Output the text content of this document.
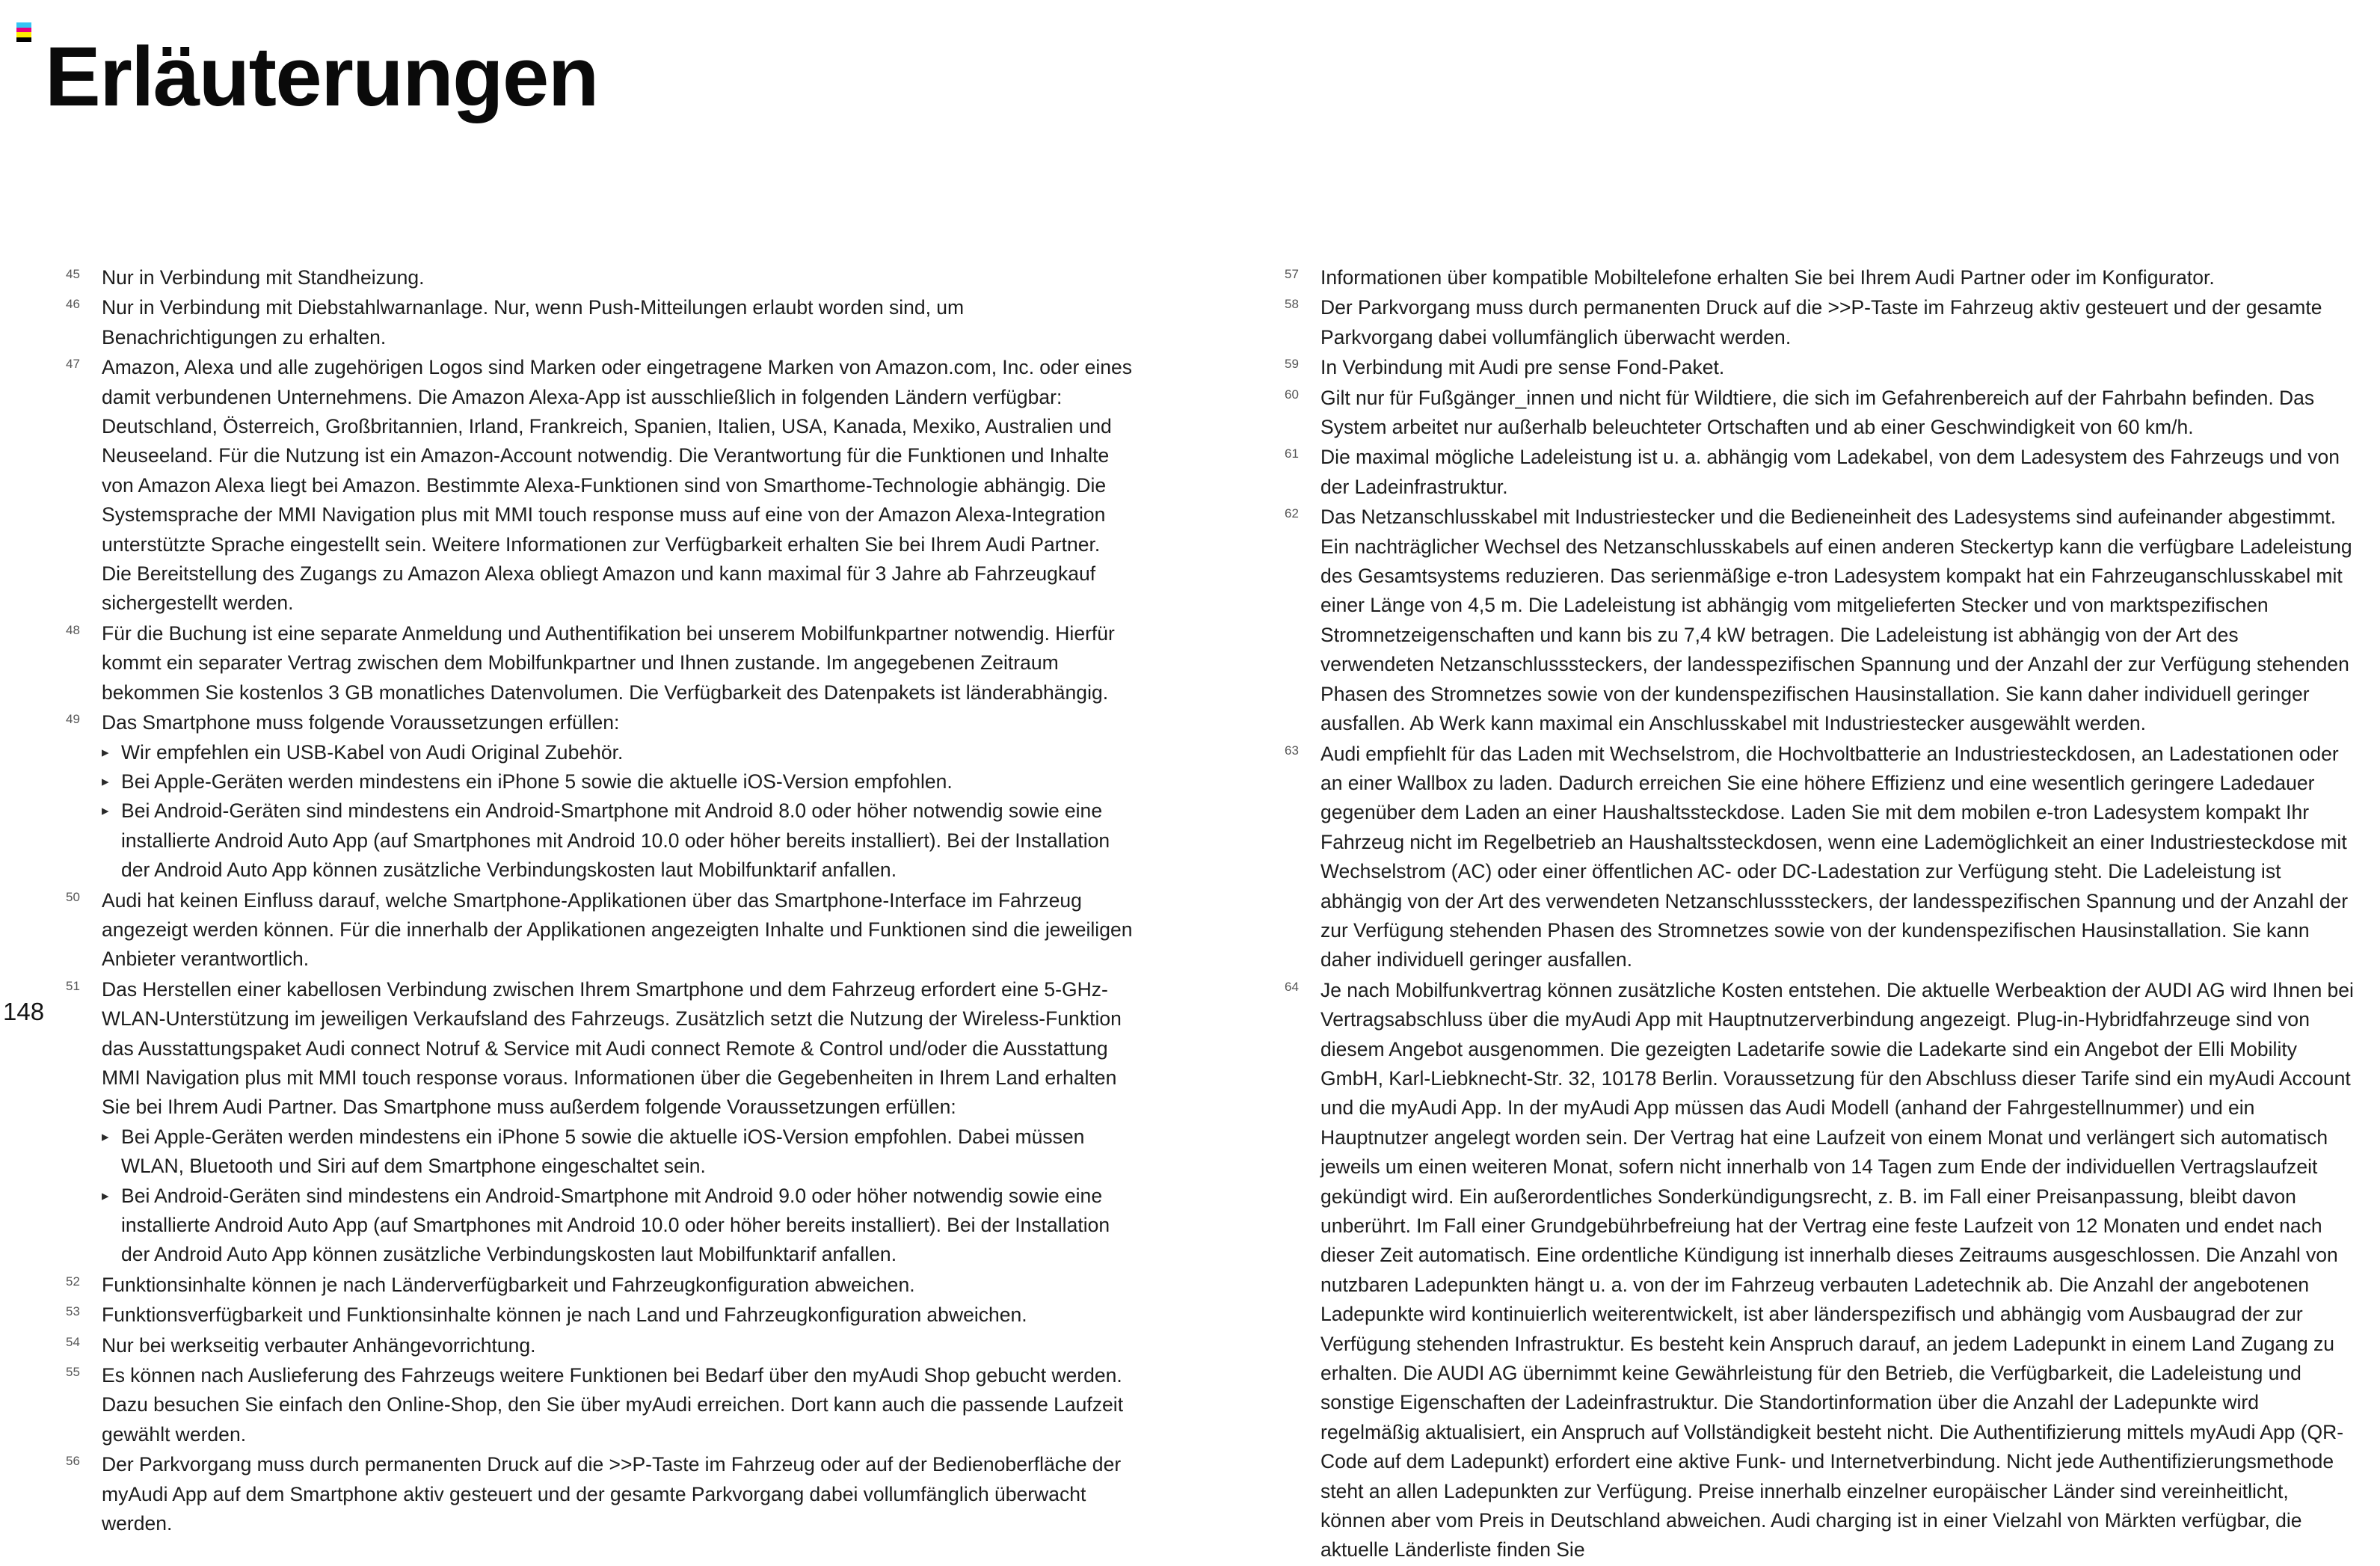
Erläuterungen
148
45	Nur in Verbindung mit Standheizung.
46	Nur in Verbindung mit Diebstahlwarnanlage. Nur, wenn Push-Mitteilungen erlaubt worden sind, um Benachrichtigungen zu erhalten.
47	Amazon, Alexa und alle zugehörigen Logos sind Marken oder eingetragene Marken von Amazon.com, Inc. oder eines damit verbundenen Unternehmens. Die Amazon Alexa-App ist ausschließlich in folgenden Ländern verfügbar: Deutschland, Österreich, Großbritannien, Irland, Frankreich, Spanien, Italien, USA, Kanada, Mexiko, Australien und Neuseeland. Für die Nutzung ist ein Amazon-Account notwendig. Die Verantwortung für die Funktionen und Inhalte von Amazon Alexa liegt bei Amazon. Bestimmte Alexa-Funktionen sind von Smarthome-Technologie abhängig. Die Systemsprache der MMI Navigation plus mit MMI touch response muss auf eine von der Amazon Alexa-Integration unterstützte Sprache eingestellt sein. Weitere Informationen zur Verfügbarkeit erhalten Sie bei Ihrem Audi Partner. Die Bereitstellung des Zugangs zu Amazon Alexa obliegt Amazon und kann maximal für 3 Jahre ab Fahrzeugkauf sichergestellt werden.
48	Für die Buchung ist eine separate Anmeldung und Authentifikation bei unserem Mobilfunkpartner notwendig. Hierfür kommt ein separater Vertrag zwischen dem Mobilfunkpartner und Ihnen zustande. Im angegebenen Zeitraum bekommen Sie kostenlos 3 GB monatliches Datenvolumen. Die Verfügbarkeit des Datenpakets ist länderabhängig.
49	Das Smartphone muss folgende Voraussetzungen erfüllen:
▸ Wir empfehlen ein USB-Kabel von Audi Original Zubehör.
▸ Bei Apple-Geräten werden mindestens ein iPhone 5 sowie die aktuelle iOS-Version empfohlen.
▸ Bei Android-Geräten sind mindestens ein Android-Smartphone mit Android 8.0 oder höher notwendig sowie eine installierte Android Auto App (auf Smartphones mit Android 10.0 oder höher bereits installiert). Bei der Installation der Android Auto App können zusätzliche Verbindungskosten laut Mobilfunktarif anfallen.
50	Audi hat keinen Einfluss darauf, welche Smartphone-Applikationen über das Smartphone-Interface im Fahrzeug angezeigt werden können. Für die innerhalb der Applikationen angezeigten Inhalte und Funktionen sind die jeweiligen Anbieter verantwortlich.
51	Das Herstellen einer kabellosen Verbindung zwischen Ihrem Smartphone und dem Fahrzeug erfordert eine 5-GHz-WLAN-Unterstützung im jeweiligen Verkaufsland des Fahrzeugs. Zusätzlich setzt die Nutzung der Wireless-Funktion das Ausstattungspaket Audi connect Notruf & Service mit Audi connect Remote & Control und/oder die Ausstattung MMI Navigation plus mit MMI touch response voraus. Informationen über die Gegebenheiten in Ihrem Land erhalten Sie bei Ihrem Audi Partner. Das Smartphone muss außerdem folgende Voraussetzungen erfüllen:
▸ Bei Apple-Geräten werden mindestens ein iPhone 5 sowie die aktuelle iOS-Version empfohlen. Dabei müssen WLAN, Bluetooth und Siri auf dem Smartphone eingeschaltet sein.
▸ Bei Android-Geräten sind mindestens ein Android-Smartphone mit Android 9.0 oder höher notwendig sowie eine installierte Android Auto App (auf Smartphones mit Android 10.0 oder höher bereits installiert). Bei der Installation der Android Auto App können zusätzliche Verbindungskosten laut Mobilfunktarif anfallen.
52	Funktionsinhalte können je nach Länderverfügbarkeit und Fahrzeugkonfiguration abweichen.
53	Funktionsverfügbarkeit und Funktionsinhalte können je nach Land und Fahrzeugkonfiguration abweichen.
54	Nur bei werkseitig verbauter Anhängevorrichtung.
55	Es können nach Auslieferung des Fahrzeugs weitere Funktionen bei Bedarf über den myAudi Shop gebucht werden. Dazu besuchen Sie einfach den Online-Shop, den Sie über myAudi erreichen. Dort kann auch die passende Laufzeit gewählt werden.
56	Der Parkvorgang muss durch permanenten Druck auf die >>P-Taste im Fahrzeug oder auf der Bedienoberfläche der myAudi App auf dem Smartphone aktiv gesteuert und der gesamte Parkvorgang dabei vollumfänglich überwacht werden.
57	Informationen über kompatible Mobiltelefone erhalten Sie bei Ihrem Audi Partner oder im Konfigurator.
58	Der Parkvorgang muss durch permanenten Druck auf die >>P-Taste im Fahrzeug aktiv gesteuert und der gesamte Parkvorgang dabei vollumfänglich überwacht werden.
59	In Verbindung mit Audi pre sense Fond-Paket.
60	Gilt nur für Fußgänger_innen und nicht für Wildtiere, die sich im Gefahrenbereich auf der Fahrbahn befinden. Das System arbeitet nur außerhalb beleuchteter Ortschaften und ab einer Geschwindigkeit von 60 km/h.
61	Die maximal mögliche Ladeleistung ist u. a. abhängig vom Ladekabel, von dem Ladesystem des Fahrzeugs und von der Ladeinfrastruktur.
62	Das Netzanschlusskabel mit Industriestecker und die Bedieneinheit des Ladesystems sind aufeinander abgestimmt. Ein nachträglicher Wechsel des Netzanschlusskabels auf einen anderen Steckertyp kann die verfügbare Ladeleistung des Gesamtsystems reduzieren. Das serienmäßige e-tron Ladesystem kompakt hat ein Fahrzeuganschlusskabel mit einer Länge von 4,5 m. Die Ladeleistung ist abhängig vom mitgelieferten Stecker und von marktspezifischen Stromnetzeigenschaften und kann bis zu 7,4 kW betragen. Die Ladeleistung ist abhängig von der Art des verwendeten Netzanschlusssteckers, der landesspezifischen Spannung und der Anzahl der zur Verfügung stehenden Phasen des Stromnetzes sowie von der kundenspezifischen Hausinstallation. Sie kann daher individuell geringer ausfallen. Ab Werk kann maximal ein Anschlusskabel mit Industriestecker ausgewählt werden.
63	Audi empfiehlt für das Laden mit Wechselstrom, die Hochvoltbatterie an Industriesteckdosen, an Ladestationen oder an einer Wallbox zu laden. Dadurch erreichen Sie eine höhere Effizienz und eine wesentlich geringere Ladedauer gegenüber dem Laden an einer Haushaltssteckdose. Laden Sie mit dem mobilen e-tron Ladesystem kompakt Ihr Fahrzeug nicht im Regelbetrieb an Haushaltssteckdosen, wenn eine Lademöglichkeit an einer Industriesteckdose mit Wechselstrom (AC) oder einer öffentlichen AC- oder DC-Ladestation zur Verfügung steht. Die Ladeleistung ist abhängig von der Art des verwendeten Netzanschlusssteckers, der landesspezifischen Spannung und der Anzahl der zur Verfügung stehenden Phasen des Stromnetzes sowie von der kundenspezifischen Hausinstallation. Sie kann daher individuell geringer ausfallen.
64	Je nach Mobilfunkvertrag können zusätzliche Kosten entstehen. Die aktuelle Werbeaktion der AUDI AG wird Ihnen bei Vertragsabschluss über die myAudi App mit Hauptnutzerverbindung angezeigt. Plug-in-Hybridfahrzeuge sind von diesem Angebot ausgenommen. Die gezeigten Ladetarife sowie die Ladekarte sind ein Angebot der Elli Mobility GmbH, Karl-Liebknecht-Str. 32, 10178 Berlin. Voraussetzung für den Abschluss dieser Tarife sind ein myAudi Account und die myAudi App. In der myAudi App müssen das Audi Modell (anhand der Fahrgestellnummer) und ein Hauptnutzer angelegt worden sein. Der Vertrag hat eine Laufzeit von einem Monat und verlängert sich automatisch jeweils um einen weiteren Monat, sofern nicht innerhalb von 14 Tagen zum Ende der individuellen Vertragslaufzeit gekündigt wird. Ein außerordentliches Sonderkündigungsrecht, z. B. im Fall einer Preisanpassung, bleibt davon unberührt. Im Fall einer Grundgebührbefreiung hat der Vertrag eine feste Laufzeit von 12 Monaten und endet nach dieser Zeit automatisch. Eine ordentliche Kündigung ist innerhalb dieses Zeitraums ausgeschlossen. Die Anzahl von nutzbaren Ladepunkten hängt u. a. von der im Fahrzeug verbauten Ladetechnik ab. Die Anzahl der angebotenen Ladepunkte wird kontinuierlich weiterentwickelt, ist aber länderspezifisch und abhängig vom Ausbaugrad der zur Verfügung stehenden Infrastruktur. Es besteht kein Anspruch darauf, an jedem Ladepunkt in einem Land Zugang zu erhalten. Die AUDI AG übernimmt keine Gewährleistung für den Betrieb, die Verfügbarkeit, die Ladeleistung und sonstige Eigenschaften der Ladeinfrastruktur. Die Standortinformation über die Anzahl der Ladepunkte wird regelmäßig aktualisiert, ein Anspruch auf Vollständigkeit besteht nicht. Die Authentifizierung mittels myAudi App (QR-Code auf dem Ladepunkt) erfordert eine aktive Funk- und Internetverbindung. Nicht jede Authentifizierungsmethode steht an allen Ladepunkten zur Verfügung. Preise innerhalb einzelner europäischer Länder sind vereinheitlicht, können aber vom Preis in Deutschland abweichen. Audi charging ist in einer Vielzahl von Märkten verfügbar, die aktuelle Länderliste finden Sie
